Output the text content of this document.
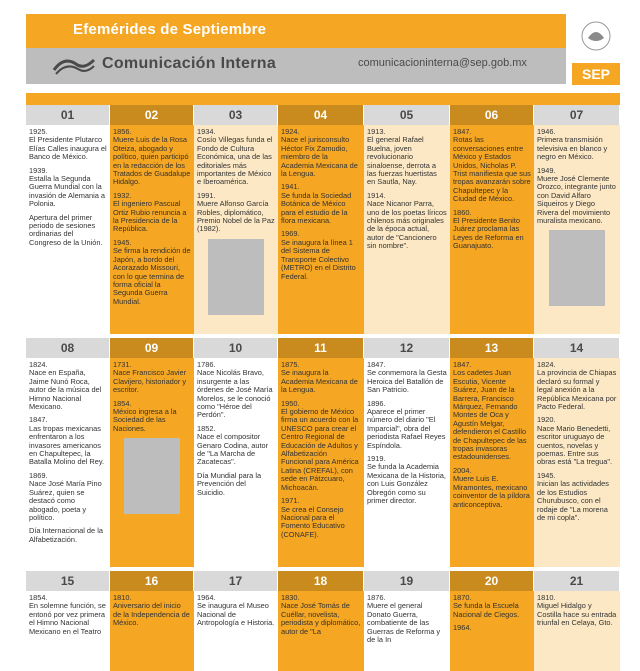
Efemérides de Septiembre
Comunicación Interna	comunicacioninterna@sep.gob.mx
SEP
01

1925.
El Presidente Plutarco Elías Calles inaugura el Banco de México.

1939.
Estalla la Segunda Guerra Mundial con la invasión de Alemania a Polonia.

Apertura del primer periodo de sesiones ordinarias del Congreso de la Unión.

02

1856.
Muere Luis de la Rosa Oteiza, abogado y político, quien participó en la redacción de los Tratados de Guadalupe Hidalgo.

1932.
El ingeniero Pascual Ortiz Rubio renuncia a la Presidencia de la República.

1945.
Se firma la rendición de Japón, a bordo del Acorazado Missouri, con lo que termina de forma oficial la Segunda Guerra Mundial.

03

1934.
Cosío Villegas funda el Fondo de Cultura Económica, una de las editoriales más importantes de México e Iberoamérica.

1991.
Muere Alfonso García Robles, diplomático, Premio Nobel de la Paz (1982).

04

1924.
Nace el jurisconsulto Héctor Fix Zamudio, miembro de la Academia Mexicana de la Lengua.

1941.
Se funda la Sociedad Botánica de México para el estudio de la flora mexicana.

1969.
Se inaugura la línea 1 del Sistema de Transporte Colectivo (METRO) en el Distrito Federal.

05

1913.
El general Rafael Buelna, joven revolucionario sinaloense, derrota a las fuerzas huertistas en Sautla, Nay.

1914.
Nace Nicanor Parra, uno de los poetas líricos chilenos más originales de la época actual, autor de "Cancionero sin nombre".

06

1847.
Rotas las conversaciones entre México y Estados Unidos, Nicholas P. Trist manifiesta que sus tropas avanzarán sobre Chapultepec y la Ciudad de México.

1860.
El Presidente Benito Juárez proclama las Leyes de Reforma en Guanajuato.

07

1946.
Primera transmisión televisiva en blanco y negro en México.

1949.
Muere José Clemente Orozco, integrante junto con David Alfaro Siqueiros y Diego Rivera del movimiento muralista mexicano.

08

1824.
Nace en España, Jaime Nunó Roca, autor de la música del Himno Nacional Mexicano.

1847.
Las tropas mexicanas enfrentaron a los invasores americanos en Chapultepec, la Batalla Molino del Rey.

1869.
Nace José María Pino Suárez, quien se destacó como abogado, poeta y político.

Día Internacional de la Alfabetización.

09

1731.
Nace Francisco Javier Clavijero, historiador y escritor.

1854.
México ingresa a la Sociedad de las Naciones.

10

1786.
Nace Nicolás Bravo, insurgente a las órdenes de José María Morelos, se le conoció como "Héroe del Perdón".

1852.
Nace el compositor Genaro Codina, autor de "La Marcha de Zacatecas".

Día Mundial para la Prevención del Suicidio.

11

1875.
Se inaugura la Academia Mexicana de la Lengua.

1950.
El gobierno de México firma un acuerdo con la UNESCO para crear el Centro Regional de Educación de Adultos y Alfabetización Funcional para América Latina (CREFAL), con sede en Pátzcuaro, Michoacán.

1971.
Se crea el Consejo Nacional para el Fomento Educativo (CONAFE).

12

1847.
Se conmemora la Gesta Heroica del Batallón de San Patricio.

1896.
Aparece el primer número del diario "El Imparcial", obra del periodista Rafael Reyes Espíndola.

1919.
Se funda la Academia Mexicana de la Historia, con Luis González Obregón como su primer director.

13

1847.
Los cadetes Juan Escutia, Vicente Suárez, Juan de la Barrera, Francisco Márquez, Fernando Montes de Oca y Agustín Melgar, defendieron el Castillo de Chapultepec de las tropas invasoras estadounidenses.

2004.
Muere Luis E. Miramontes, mexicano coinventor de la píldora anticonceptiva.

14

1824.
La provincia de Chiapas declaró su formal y legal anexión a la República Mexicana por Pacto Federal.

1920.
Nace Mario Benedetti, escritor uruguayo de cuentos, novelas y poemas. Entre sus obras está "La tregua".

1945.
Inician las actividades de los Estudios Churubusco, con el rodaje de "La morena de mi copla".

15

1854.
En solemne función, se entonó por vez primera el Himno Nacional Mexicano en el Teatro

16

1810.
Aniversario del inicio de la Independencia de México.

17

1964.
Se inaugura el Museo Nacional de Antropología e Historia.

18

1830.
Nace José Tomás de Cuéllar, novelista, periodista y diplomático, autor de "La

19

1876.
Muere el general Donato Guerra, combatiente de las Guerras de Reforma y de la In

20

1870.
Se funda la Escuela Nacional de Ciegos.

1964.

21

1810.
Miguel Hidalgo y Costilla hace su entrada triunfal en Celaya, Gto.
